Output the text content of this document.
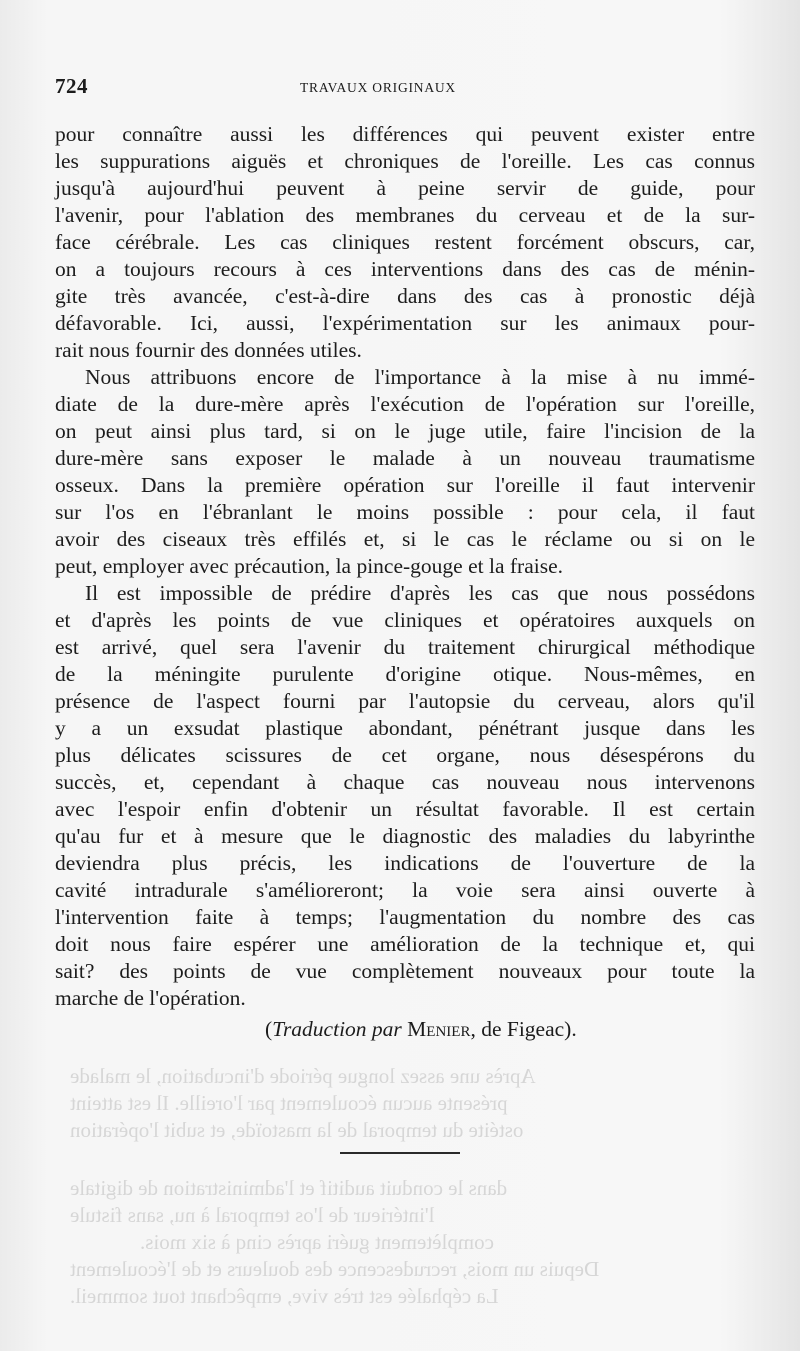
724	TRAVAUX ORIGINAUX
pour connaître aussi les différences qui peuvent exister entre
les suppurations aiguës et chroniques de l'oreille. Les cas connus
jusqu'à aujourd'hui peuvent à peine servir de guide, pour
l'avenir, pour l'ablation des membranes du cerveau et de la sur-
face cérébrale. Les cas cliniques restent forcément obscurs, car,
on a toujours recours à ces interventions dans des cas de ménin-
gite très avancée, c'est-à-dire dans des cas à pronostic déjà
défavorable. Ici, aussi, l'expérimentation sur les animaux pour-
rait nous fournir des données utiles.
Nous attribuons encore de l'importance à la mise à nu immé-
diate de la dure-mère après l'exécution de l'opération sur l'oreille,
on peut ainsi plus tard, si on le juge utile, faire l'incision de la
dure-mère sans exposer le malade à un nouveau traumatisme
osseux. Dans la première opération sur l'oreille il faut intervenir
sur l'os en l'ébranlant le moins possible : pour cela, il faut
avoir des ciseaux très effilés et, si le cas le réclame ou si on le
peut, employer avec précaution, la pince-gouge et la fraise.
Il est impossible de prédire d'après les cas que nous possédons
et d'après les points de vue cliniques et opératoires auxquels on
est arrivé, quel sera l'avenir du traitement chirurgical méthodique
de la méningite purulente d'origine otique. Nous-mêmes, en
présence de l'aspect fourni par l'autopsie du cerveau, alors qu'il
y a un exsudat plastique abondant, pénétrant jusque dans les
plus délicates scissures de cet organe, nous désespérons du
succès, et, cependant à chaque cas nouveau nous intervenons
avec l'espoir enfin d'obtenir un résultat favorable. Il est certain
qu'au fur et à mesure que le diagnostic des maladies du labyrinthe
deviendra plus précis, les indications de l'ouverture de la
cavité intradurale s'amélioreront; la voie sera ainsi ouverte à
l'intervention faite à temps; l'augmentation du nombre des cas
doit nous faire espérer une amélioration de la technique et, qui
sait? des points de vue complètement nouveaux pour toute la
marche de l'opération.
(Traduction par Menier, de Figeac).
Après une assez longue période d'incubation, le malade
présente aucun écoulement par l'oreille. Il est atteint
ostéite du temporal de la mastoïde, et subit l'opération
dans le conduit auditif et l'administration de digitale
l'intérieur de l'os temporal à nu, sans fistule
complètement guéri après cinq à six mois.
Depuis un mois, recrudescence des douleurs et de l'écoulement
La céphalée est très vive, empêchant tout sommeil.
